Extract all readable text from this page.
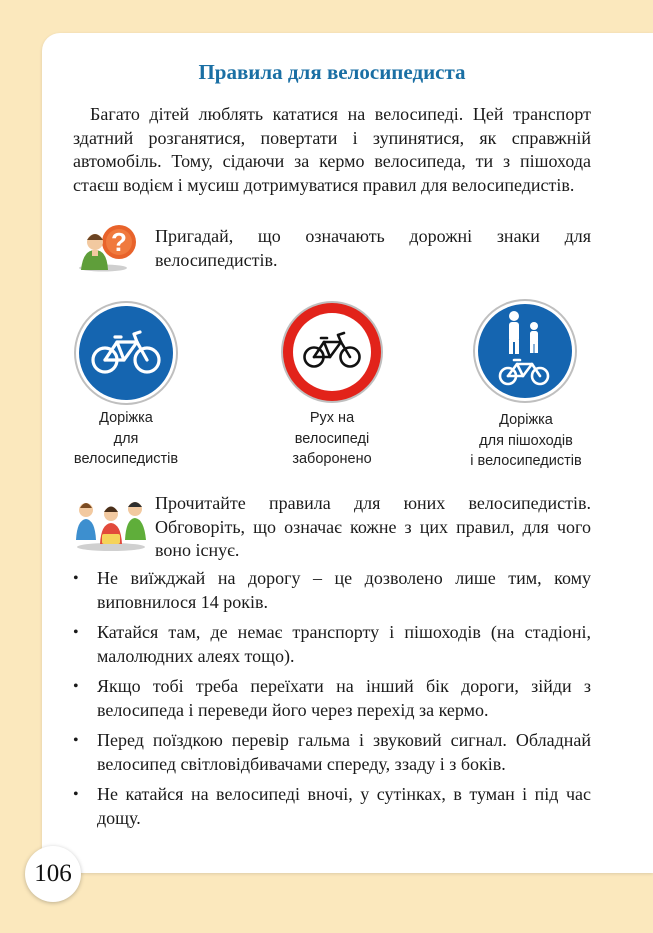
Правила для велосипедиста
Багато дітей люблять кататися на велосипеді. Цей транспорт здатний розганятися, повертати і зупинятися, як справжній автомобіль. Тому, сідаючи за кермо велосипеда, ти з пішохода стаєш водієм і мусиш дотримуватися правил для велосипедистів.
? Пригадай, що означають дорожні знаки для велосипедистів.
Доріжка
для
велосипедистів
Рух на
велосипеді
заборонено
Доріжка
для пішоходів
і велосипедистів
Прочитайте правила для юних велосипедистів. Обговоріть, що означає кожне з цих правил, для чого воно існує.
• Не виїжджай на дорогу – це дозволено лише тим, кому виповнилося 14 років.
• Катайся там, де немає транспорту і пішоходів (на стадіоні, малолюдних алеях тощо).
• Якщо тобі треба переїхати на інший бік дороги, зійди з велосипеда і переведи його через перехід за кермо.
• Перед поїздкою перевір гальма і звуковий сигнал. Обладнай велосипед світловідбивачами спереду, ззаду і з боків.
• Не катайся на велосипеді вночі, у сутінках, в туман і під час дощу.
106
